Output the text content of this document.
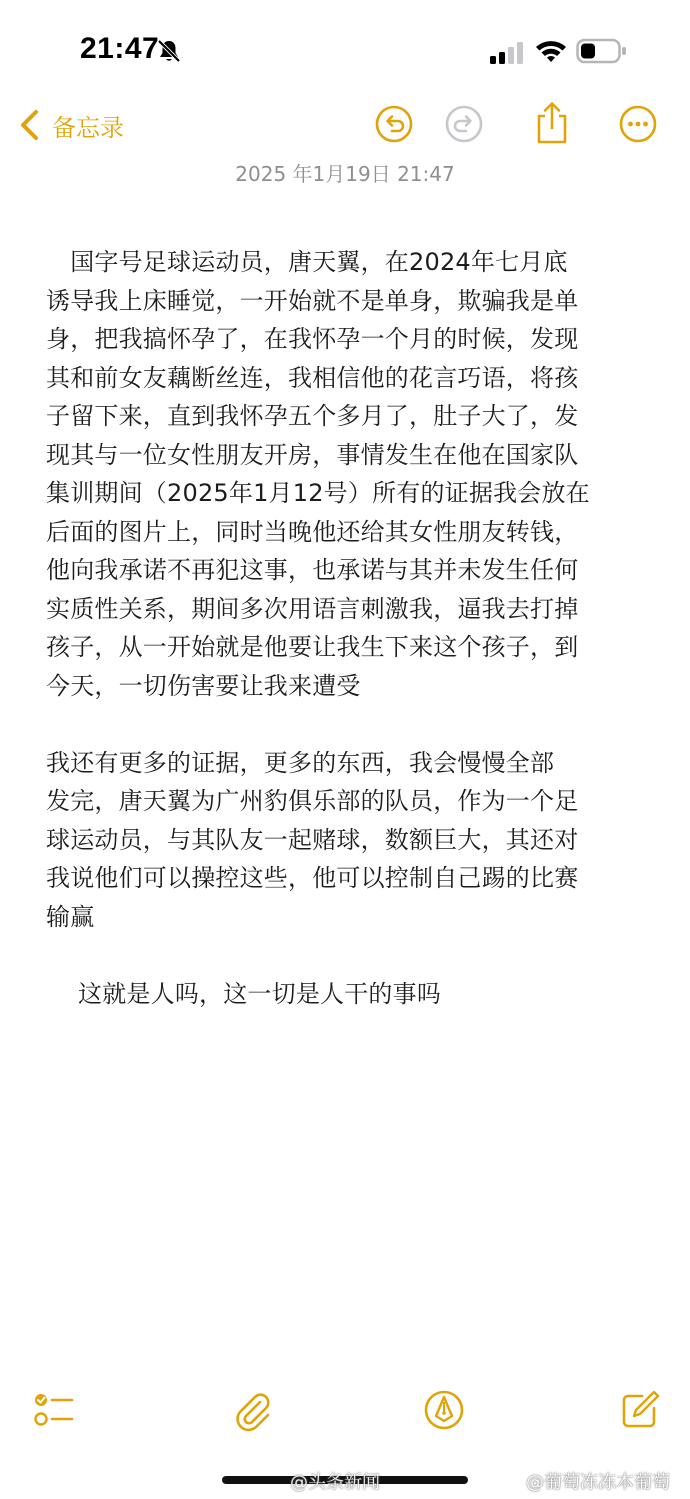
21:47
备忘录
2025 年1月19日 21:47

　国字号足球运动员，唐天翼，在2024年七月底
诱导我上床睡觉，一开始就不是单身，欺骗我是单
身，把我搞怀孕了，在我怀孕一个月的时候，发现
其和前女友藕断丝连，我相信他的花言巧语，将孩
子留下来，直到我怀孕五个多月了，肚子大了，发
现其与一位女性朋友开房，事情发生在他在国家队
集训期间（2025年1月12号）所有的证据我会放在
后面的图片上，同时当晚他还给其女性朋友转钱，
他向我承诺不再犯这事，也承诺与其并未发生任何
实质性关系，期间多次用语言刺激我，逼我去打掉
孩子，从一开始就是他要让我生下来这个孩子，到
今天，一切伤害要让我来遭受

我还有更多的证据，更多的东西，我会慢慢全部
发完，唐天翼为广州豹俱乐部的队员，作为一个足
球运动员，与其队友一起赌球，数额巨大，其还对
我说他们可以操控这些，他可以控制自己踢的比赛
输赢

　 这就是人吗，这一切是人干的事吗

@头条新闻	@葡萄冻冻本葡萄
